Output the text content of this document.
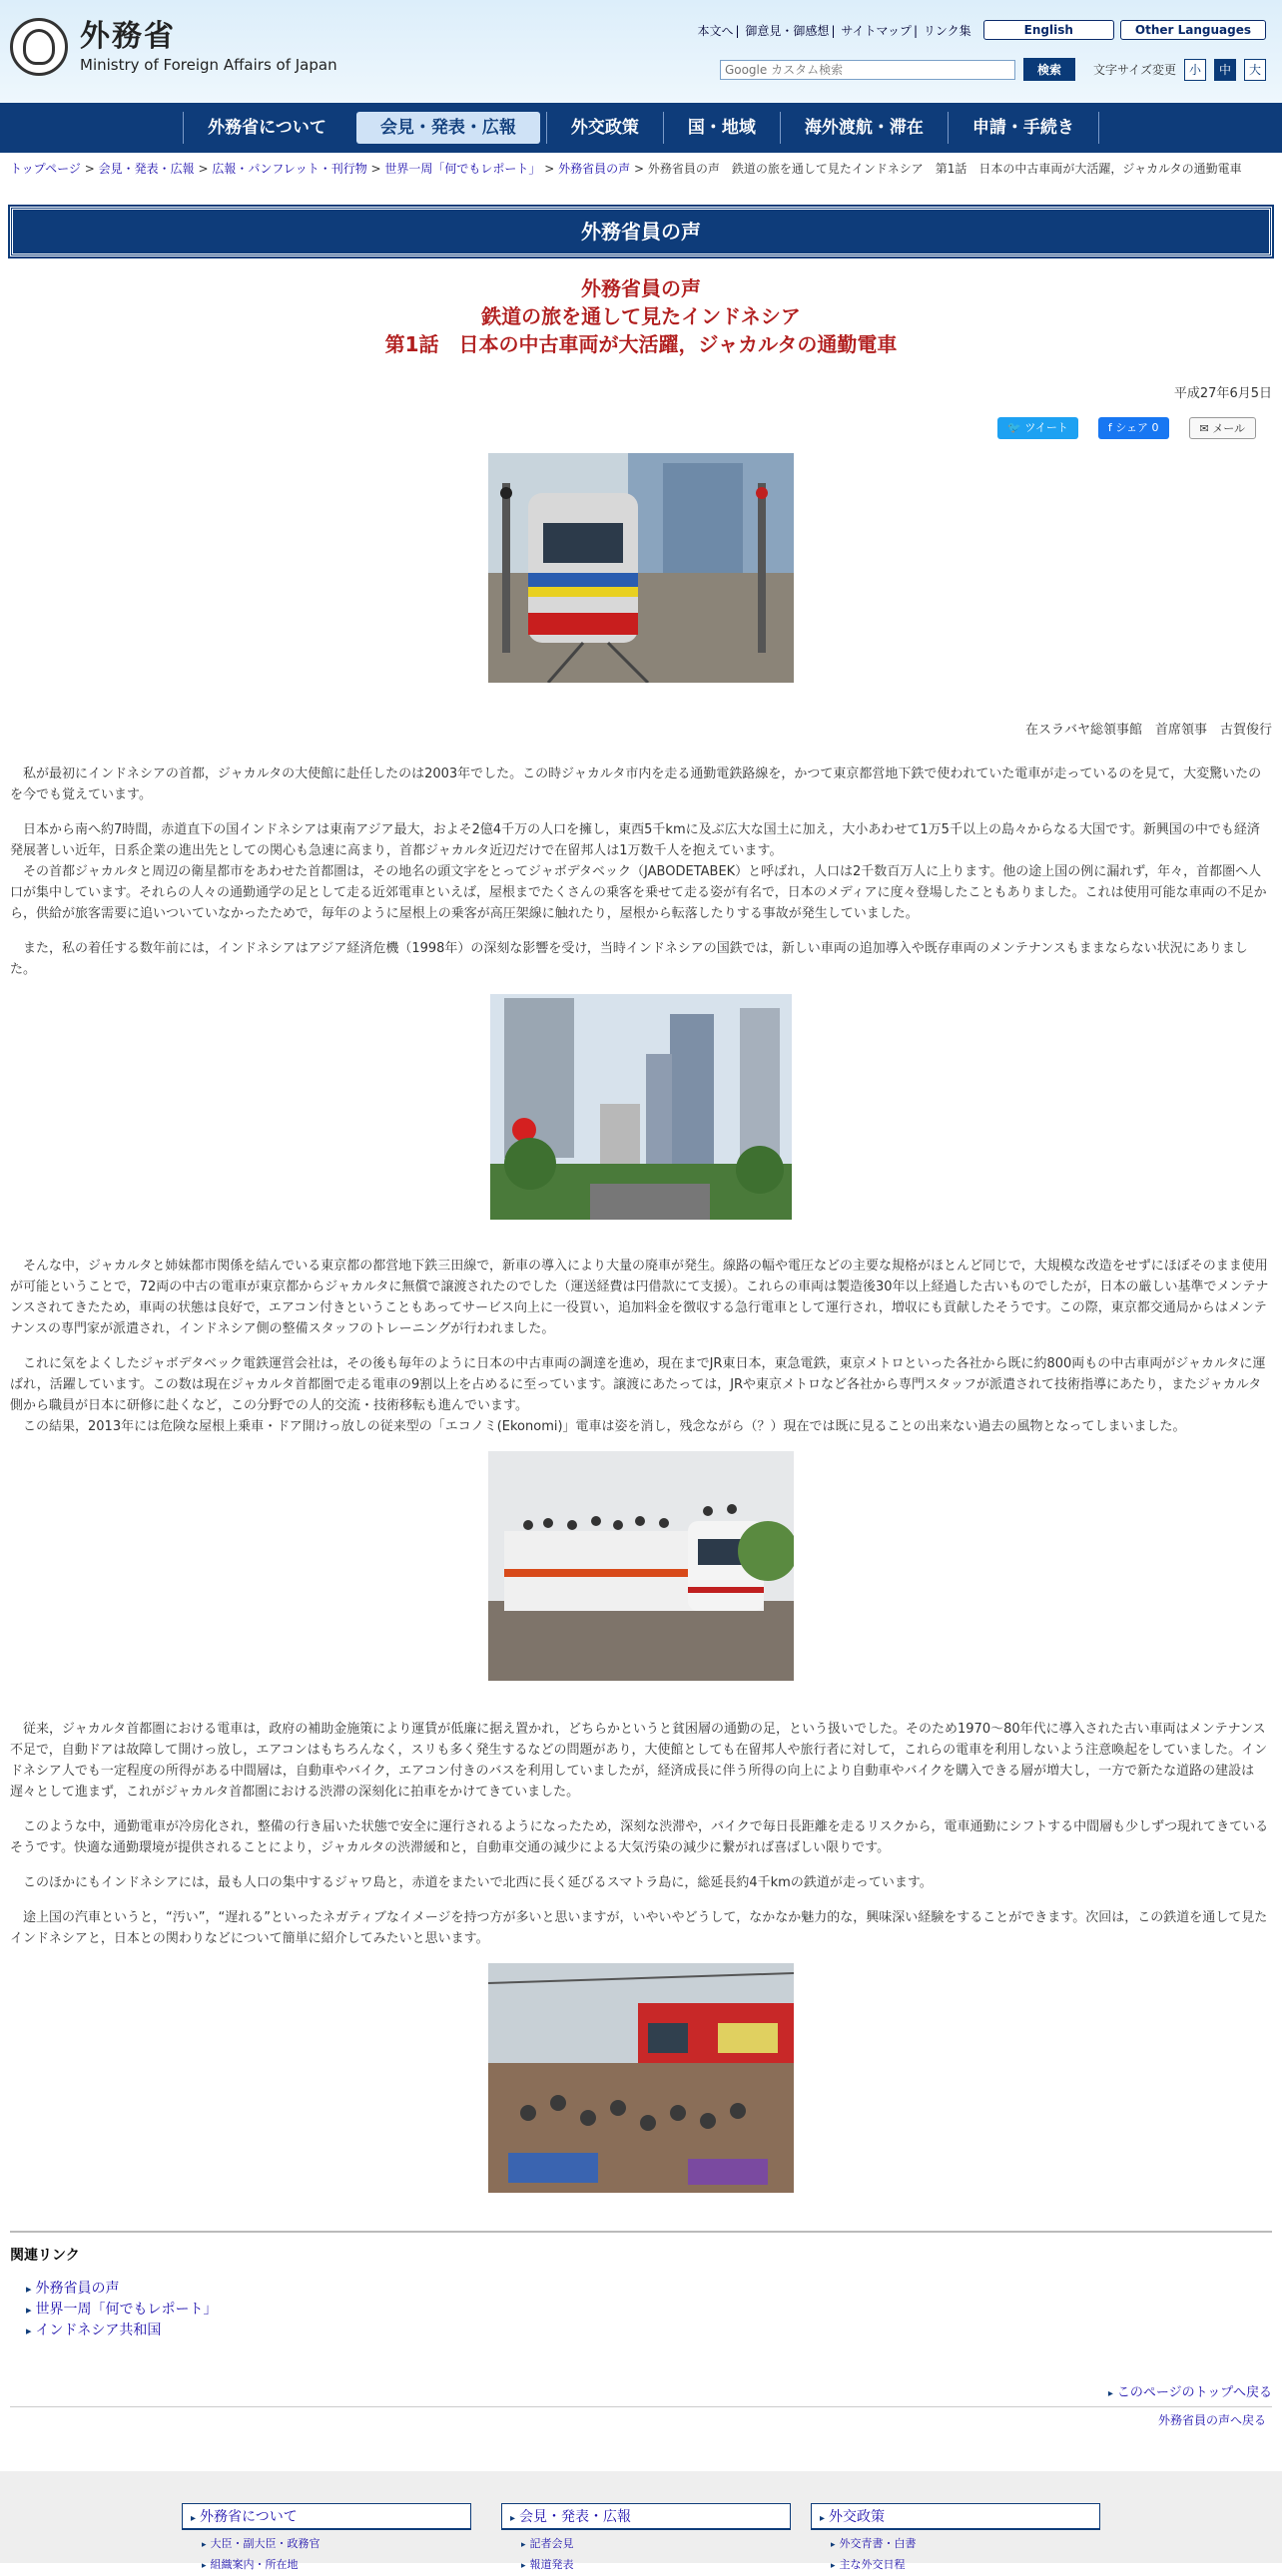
外務省
Ministry of Foreign Affairs of Japan
本文へ | 御意見・御感想 | サイトマップ | リンク集	English	Other Languages
Google カスタム検索
検索	文字サイズ変更	小	中	大
外務省について	会見・発表・広報	外交政策	国・地域	海外渡航・滞在	申請・手続き
トップページ > 会見・発表・広報 > 広報・パンフレット・刊行物 > 世界一周「何でもレポート」 > 外務省員の声 > 外務省員の声　鉄道の旅を通して見たインドネシア　第1話　日本の中古車両が大活躍，ジャカルタの通勤電車
外務省員の声
外務省員の声
鉄道の旅を通して見たインドネシア
第1話　日本の中古車両が大活躍，ジャカルタの通勤電車
平成27年6月5日
🐦 ツイート	f シェア 0	✉ メール
在スラバヤ総領事館　首席領事　古賀俊行

　私が最初にインドネシアの首都，ジャカルタの大使館に赴任したのは2003年でした。この時ジャカルタ市内を走る通勤電鉄路線を，かつて東京都営地下鉄で使われていた電車が走っているのを見て，大変驚いたのを今でも覚えています。

　日本から南へ約7時間，赤道直下の国インドネシアは東南アジア最大，およそ2億4千万の人口を擁し，東西5千kmに及ぶ広大な国土に加え，大小あわせて1万5千以上の島々からなる大国です。新興国の中でも経済発展著しい近年，日系企業の進出先としての関心も急速に高まり，首都ジャカルタ近辺だけで在留邦人は1万数千人を抱えています。

　その首都ジャカルタと周辺の衛星都市をあわせた首都圏は，その地名の頭文字をとってジャボデタベック（JABODETABEK）と呼ばれ，人口は2千数百万人に上ります。他の途上国の例に漏れず，年々，首都圏へ人口が集中しています。それらの人々の通勤通学の足として走る近郊電車といえば，屋根までたくさんの乗客を乗せて走る姿が有名で，日本のメディアに度々登場したこともありました。これは使用可能な車両の不足から，供給が旅客需要に追いついていなかったためで，毎年のように屋根上の乗客が高圧架線に触れたり，屋根から転落したりする事故が発生していました。

　また，私の着任する数年前には，インドネシアはアジア経済危機（1998年）の深刻な影響を受け，当時インドネシアの国鉄では，新しい車両の追加導入や既存車両のメンテナンスもままならない状況にありました。

　そんな中，ジャカルタと姉妹都市関係を結んでいる東京都の都営地下鉄三田線で，新車の導入により大量の廃車が発生。線路の幅や電圧などの主要な規格がほとんど同じで，大規模な改造をせずにほぼそのまま使用が可能ということで，72両の中古の電車が東京都からジャカルタに無償で譲渡されたのでした（運送経費は円借款にて支援）。これらの車両は製造後30年以上経過した古いものでしたが，日本の厳しい基準でメンテナンスされてきたため，車両の状態は良好で，エアコン付きということもあってサービス向上に一役買い，追加料金を徴収する急行電車として運行され，増収にも貢献したそうです。この際，東京都交通局からはメンテナンスの専門家が派遣され，インドネシア側の整備スタッフのトレーニングが行われました。

　これに気をよくしたジャボデタベック電鉄運営会社は，その後も毎年のように日本の中古車両の調達を進め，現在までJR東日本，東急電鉄，東京メトロといった各社から既に約800両もの中古車両がジャカルタに運ばれ，活躍しています。この数は現在ジャカルタ首都圏で走る電車の9割以上を占めるに至っています。譲渡にあたっては，JRや東京メトロなど各社から専門スタッフが派遣されて技術指導にあたり，またジャカルタ側から職員が日本に研修に赴くなど，この分野での人的交流・技術移転も進んでいます。

　この結果，2013年には危険な屋根上乗車・ドア開けっ放しの従来型の「エコノミ(Ekonomi)」電車は姿を消し，残念ながら（？）現在では既に見ることの出来ない過去の風物となってしまいました。

　従来，ジャカルタ首都圏における電車は，政府の補助金施策により運賃が低廉に据え置かれ，どちらかというと貧困層の通勤の足，という扱いでした。そのため1970～80年代に導入された古い車両はメンテナンス不足で，自動ドアは故障して開けっ放し，エアコンはもちろんなく，スリも多く発生するなどの問題があり，大使館としても在留邦人や旅行者に対して，これらの電車を利用しないよう注意喚起をしていました。インドネシア人でも一定程度の所得がある中間層は，自動車やバイク，エアコン付きのバスを利用していましたが，経済成長に伴う所得の向上により自動車やバイクを購入できる層が増大し，一方で新たな道路の建設は遅々として進まず，これがジャカルタ首都圏における渋滞の深刻化に拍車をかけてきていました。

　このような中，通勤電車が冷房化され，整備の行き届いた状態で安全に運行されるようになったため，深刻な渋滞や，バイクで毎日長距離を走るリスクから，電車通勤にシフトする中間層も少しずつ現れてきているそうです。快適な通勤環境が提供されることにより，ジャカルタの渋滞緩和と，自動車交通の減少による大気汚染の減少に繋がれば喜ばしい限りです。

　このほかにもインドネシアには，最も人口の集中するジャワ島と，赤道をまたいで北西に長く延びるスマトラ島に，総延長約4千kmの鉄道が走っています。

　途上国の汽車というと，“汚い”，“遅れる”といったネガティブなイメージを持つ方が多いと思いますが，いやいやどうして，なかなか魅力的な，興味深い経験をすることができます。次回は，この鉄道を通して見たインドネシアと，日本との関わりなどについて簡単に紹介してみたいと思います。

関連リンク
▸ 外務省員の声
▸ 世界一周「何でもレポート」
▸ インドネシア共和国
▸ このページのトップへ戻る
外務省員の声へ戻る
▸ 外務省について
▸ 大臣・副大臣・政務官
▸ 組織案内・所在地
▸ 会見・発表・広報
▸ 記者会見
▸ 報道発表
▸ 外交政策
▸ 外交青書・白書
▸ 主な外交日程
